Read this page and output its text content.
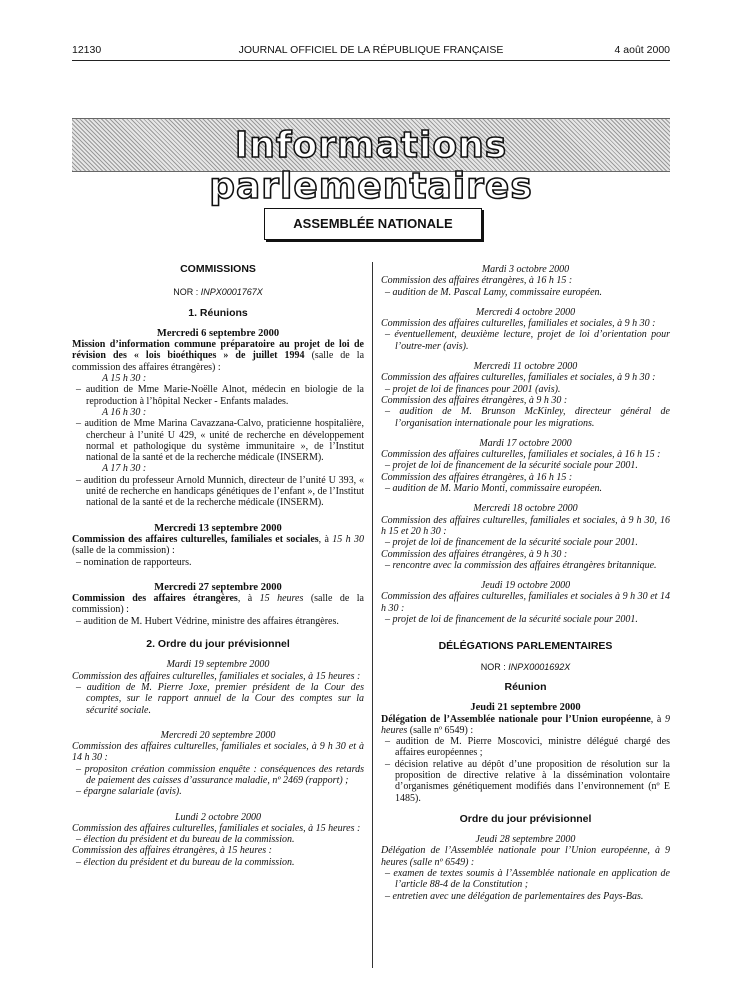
12130	JOURNAL OFFICIEL DE LA RÉPUBLIQUE FRANÇAISE	4 août 2000
Informations parlementaires
ASSEMBLÉE NATIONALE
COMMISSIONS
NOR : INPX0001767X
1. Réunions
Mercredi 6 septembre 2000

Mission d’information commune préparatoire au projet de loi de révision des « lois bioéthiques » de juillet 1994 (salle de la commission des affaires étrangères) :

A 15 h 30 :

– audition de Mme Marie-Noëlle Alnot, médecin en biologie de la reproduction à l’hôpital Necker - Enfants malades.

A 16 h 30 :

– audition de Mme Marina Cavazzana-Calvo, praticienne hospitalière, chercheur à l’unité U 429, « unité de recherche en développement normal et pathologique du système immunitaire », de l’Institut national de la santé et de la recherche médicale (INSERM).

A 17 h 30 :

– audition du professeur Arnold Munnich, directeur de l’unité U 393, « unité de recherche en handicaps génétiques de l’enfant », de l’Institut national de la santé et de la recherche médicale (INSERM).

Mercredi 13 septembre 2000

Commission des affaires culturelles, familiales et sociales, à 15 h 30 (salle de la commission) :

– nomination de rapporteurs.

Mercredi 27 septembre 2000

Commission des affaires étrangères, à 15 heures (salle de la commission) :

– audition de M. Hubert Védrine, ministre des affaires étrangères.

2. Ordre du jour prévisionnel
Mardi 19 septembre 2000

Commission des affaires culturelles, familiales et sociales, à 15 heures :

– audition de M. Pierre Joxe, premier président de la Cour des comptes, sur le rapport annuel de la Cour des comptes sur la sécurité sociale.

Mercredi 20 septembre 2000

Commission des affaires culturelles, familiales et sociales, à 9 h 30 et à 14 h 30 :

– propositon création commission enquête : conséquences des retards de paiement des caisses d’assurance maladie, nº 2469 (rapport) ;

– épargne salariale (avis).

Lundi 2 octobre 2000

Commission des affaires culturelles, familiales et sociales, à 15 heures :

– élection du président et du bureau de la commission.

Commission des affaires étrangères, à 15 heures :

– élection du président et du bureau de la commission.

Mardi 3 octobre 2000

Commission des affaires étrangères, à 16 h 15 :

– audition de M. Pascal Lamy, commissaire européen.

Mercredi 4 octobre 2000

Commission des affaires culturelles, familiales et sociales, à 9 h 30 :

– éventuellement, deuxième lecture, projet de loi d’orientation pour l’outre-mer (avis).

Mercredi 11 octobre 2000

Commission des affaires culturelles, familiales et sociales, à 9 h 30 :

– projet de loi de finances pour 2001 (avis).

Commission des affaires étrangères, à 9 h 30 :

– audition de M. Brunson McKinley, directeur général de l’organisation internationale pour les migrations.

Mardi 17 octobre 2000

Commission des affaires culturelles, familiales et sociales, à 16 h 15 :

– projet de loi de financement de la sécurité sociale pour 2001.

Commission des affaires étrangères, à 16 h 15 :

– audition de M. Mario Monti, commissaire européen.

Mercredi 18 octobre 2000

Commission des affaires culturelles, familiales et sociales, à 9 h 30, 16 h 15 et 20 h 30 :

– projet de loi de financement de la sécurité sociale pour 2001.

Commission des affaires étrangères, à 9 h 30 :

– rencontre avec la commission des affaires étrangères britannique.

Jeudi 19 octobre 2000

Commission des affaires culturelles, familiales et sociales à 9 h 30 et 14 h 30 :

– projet de loi de financement de la sécurité sociale pour 2001.

DÉLÉGATIONS PARLEMENTAIRES
NOR : INPX0001692X
Réunion
Jeudi 21 septembre 2000

Délégation de l’Assemblée nationale pour l’Union européenne, à 9 heures (salle nº 6549) :

– audition de M. Pierre Moscovici, ministre délégué chargé des affaires européennes ;

– décision relative au dépôt d’une proposition de résolution sur la proposition de directive relative à la dissémination volontaire d’organismes génétiquement modifiés dans l’environnement (nº E 1485).

Ordre du jour prévisionnel
Jeudi 28 septembre 2000

Délégation de l’Assemblée nationale pour l’Union européenne, à 9 heures (salle nº 6549) :

– examen de textes soumis à l’Assemblée nationale en application de l’article 88-4 de la Constitution ;

– entretien avec une délégation de parlementaires des Pays-Bas.
